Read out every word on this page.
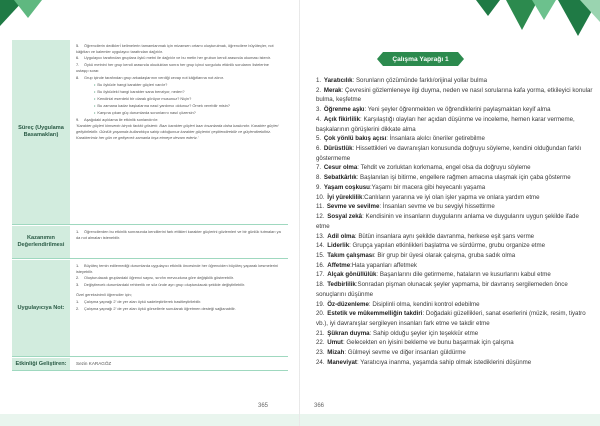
Süreç (Uygulama Basamakları)

5. Öğrencilerin dediklerİ kelimelerin tamamlanmak için mizansen ortamı oluşturulmak, öğrencilere büyüteçler, not kâğıtları ve kalemler uygulayıcı tarafından dağıtılır.

6. Uygulayıcı tarafından gruplara öykü metni ile dağıtılır ve bu metin her grubun kendi arasında okuması istenir.

7. Öykü metnini her grup kendi arasında okuduktan sonra her grup içinci sorgulutu etkinlik sorularını listelerine ustaşıp sorar.

8. Grup içinde tarafından grup arkadaşlarının verdiği cevap not kâğıtlarına not alınır.

• Bu öyküde hangi karakter güçleri vardır?

• Bu öyküdeki hangi karakter sana benziyor, neden?

• Kendinizi eserdeki bir olarak görüyor musunuz? Niçin?

• Bu zamana kadar başkalarına nasıl yardımcı oldunuz? Örnek verebilir misin?

• Karşına çıkan güç durumlarda sorunlarını nasıl çözersin?

9. Aşağıdaki açıklama ile etkinlik sonlandırılır:

'Karakter güçleri kimsenin birçok farklık gösterir. Bazı karakter güçleri bazı insanlarda daha baskındır. Karakter güçleri geliştirilebilir. Günlük yaşamda kullandıkça sahip olduğumuz karakter güçlerini çeşitlendirebilir ve güçlendirebiliriz. Karakterimiz her gün ve gelişecek zamanla inşa etmeye devam ederiz.'

Kazanımın Değerlendirilmesi

1. Öğrencilerden bu etkinlik sonrasında kendilerini fark ettikleri karakter güçlerini gözlemleri ve bir günlük tutmaları ya da not almaları istenebilir.

Uygulayıcıya Not:

1. Büyüteç temin edilemediği durumlarda uygulayıcı etkinlik öncesinde her öğrenciden büyüteç yaparak kesmelerini isteyebilir.

2. Oluşturulacak gruplardaki öğrenci sayısı, sınıfın mevcuduna göre değişiklik gösterebilir.

3. Değiştirecek durumlardaki rehberlik ve söz ünde ayrı grup oluşturulacak şekilde değiştirilebilir.

Özel gereksinimli öğrenciler için;

1. Çalışma yaprağı 2' de yer alan öykü sadeleştirilerek basitleştirilebilir.

2. Çalışma yaprağı 2' de yer alan öykü görsellerle sunularak öğretmen desteği sağlanabilir.

Etkinliği Geliştiren:	Sezin KARAGÖZ
365
Çalışma Yaprağı 1

1. Yaratıcılık: Sorunların çözümünde farklı/orijinal yollar bulma

2. Merak: Çevresini gözlemleneye ilgi duyma, neden ve nasıl sorularına kafa yorma, etkileyici konular bulma, keşfetme

3. Öğrenme aşkı: Yeni şeyler öğrenmekten ve öğrendiklerini paylaşmaktan keyif alma

4. Açık fikirlilik: Karşılaştığı olayları her açıdan düşünme ve inceleme, hemen karar vermeme, başkalarının görüşlerini dikkate alma

5. Çok yönlü bakış açısı: İnsanlara akılcı öneriler getirebilme

6. Dürüstlük: Hissettikleri ve davranışları konusunda doğruyu söyleme, kendini olduğundan farklı göstermeme

7. Cesur olma: Tehdit ve zorluktan korkmama, engel olsa da doğruyu söyleme

8. Sebatkârlık: Başlanılan işi bitirme, engellere rağmen amacına ulaşmak için çaba gösterme

9. Yaşam coşkusu:Yaşamı bir macera gibi heyecanlı yaşama

10. İyi yüreklilik:Canlıların yararına ve iyi olan işler yapma ve onlara yardım etme

11. Sevme ve sevilme: İnsanları sevme ve bu sevgiyi hissettirme

12. Sosyal zekâ: Kendisinin ve insanların duygularını anlama ve duygularını uygun şekilde ifade etme

13. Adil olma: Bütün insanlara aynı şekilde davranma, herkese eşit şans verme

14. Liderlik: Grupça yapılan etkinlikleri başlatma ve sürdürme, grubu organize etme

15. Takım çalışması: Bir grup bir üyesi olarak çalışma, gruba sadık olma

16. Affetme:Hata yapanları affetmek

17. Alçak gönüllülük: Başarılarını dile getirmeme, hataların ve kusurlarını kabul etme

18. Tedbirlilik:Sonradan pişman olunacak şeyler yapmama, bir davranış sergilemeden önce sonuçlarını düşünme

19. Öz-düzenleme: Disiplinli olma, kendini kontrol edebilme

20. Estetik ve mükemmelliğin takdiri: Doğadaki güzellikleri, sanat eserlerini (müzik, resim, tiyatro vb.), iyi davranışlar sergileyen insanları fark etme ve takdir etme

21. Şükran duyma: Sahip olduğu şeyler için teşekkür etme

22. Umut: Gelecekten en iyisini bekleme ve bunu başarmak için çalışma

23. Mizah: Gülmeyi sevme ve diğer insanları güldürme

24. Maneviyat: Yaratıcıya inanma, yaşamda sahip olmak istediklerini düşünme

366
